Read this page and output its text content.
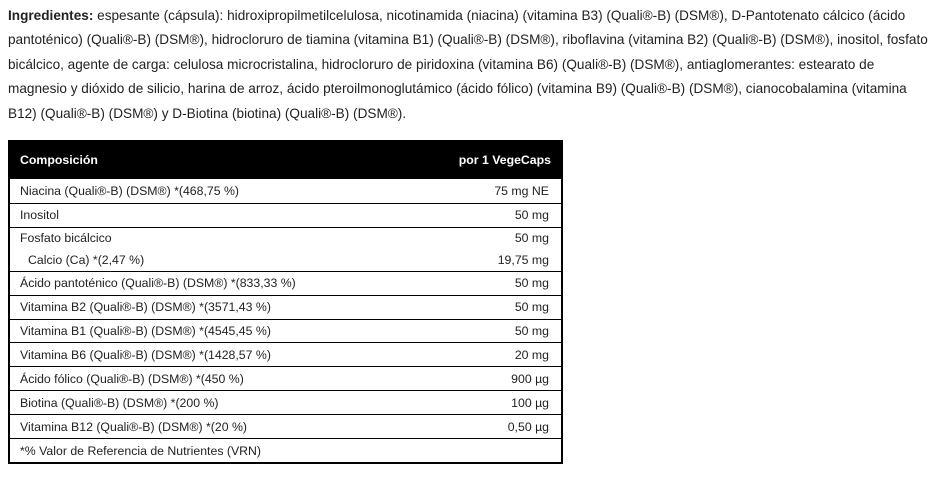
Ingredientes: espesante (cápsula): hidroxipropilmetilcelulosa, nicotinamida (niacina) (vitamina B3) (Quali®-B) (DSM®), D-Pantotenato cálcico (ácido pantoténico) (Quali®-B) (DSM®), hidrocloruro de tiamina (vitamina B1) (Quali®-B) (DSM®), riboflavina (vitamina B2) (Quali®-B) (DSM®), inositol, fosfato bicálcico, agente de carga: celulosa microcristalina, hidrocloruro de piridoxina (vitamina B6) (Quali®-B) (DSM®), antiaglomerantes: estearato de magnesio y dióxido de silicio, harina de arroz, ácido pteroilmonoglutámico (ácido fólico) (vitamina B9) (Quali®-B) (DSM®), cianocobalamina (vitamina B12) (Quali®-B) (DSM®) y D-Biotina (biotina) (Quali®-B) (DSM®).
Composición	por 1 VegeCaps
Niacina (Quali®-B) (DSM®) *(468,75 %)	75 mg NE
Inositol	50 mg
Fosfato bicálcico	50 mg
Calcio (Ca) *(2,47 %)	19,75 mg
Ácido pantoténico (Quali®-B) (DSM®) *(833,33 %)	50 mg
Vitamina B2 (Quali®-B) (DSM®) *(3571,43 %)	50 mg
Vitamina B1 (Quali®-B) (DSM®) *(4545,45 %)	50 mg
Vitamina B6 (Quali®-B) (DSM®) *(1428,57 %)	20 mg
Ácido fólico (Quali®-B) (DSM®) *(450 %)	900 µg
Biotina (Quali®-B) (DSM®) *(200 %)	100 µg
Vitamina B12 (Quali®-B) (DSM®) *(20 %)	0,50 µg
*% Valor de Referencia de Nutrientes (VRN)
